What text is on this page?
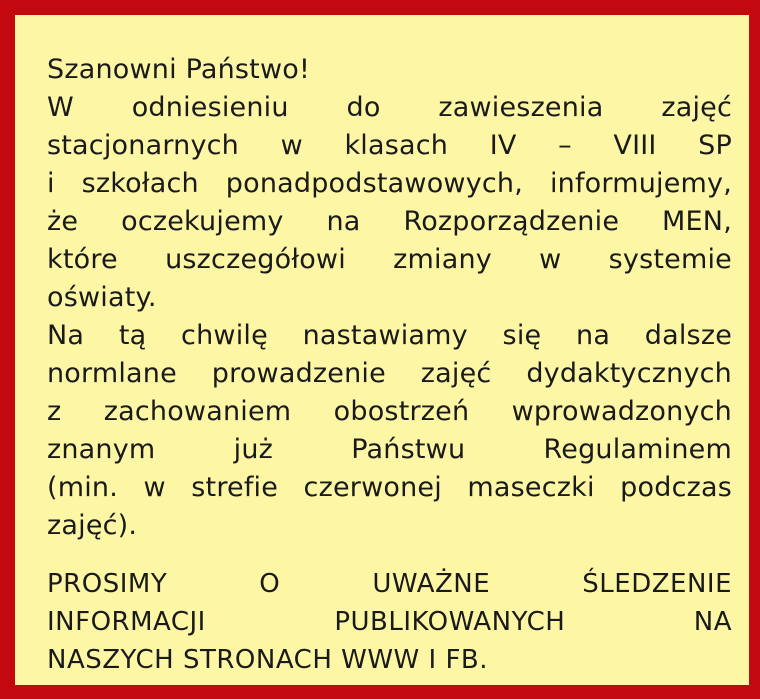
Szanowni Państwo!
W odniesieniu do zawieszenia zajęć
stacjonarnych w klasach IV – VIII SP
i szkołach ponadpodstawowych, informujemy,
że oczekujemy na Rozporządzenie MEN,
które uszczegółowi zmiany w systemie
oświaty.
Na tą chwilę nastawiamy się na dalsze
normlane prowadzenie zajęć dydaktycznych
z zachowaniem obostrzeń wprowadzonych
znanym już Państwu Regulaminem
(min. w strefie czerwonej maseczki podczas
zajęć).
PROSIMY O UWAŻNE ŚLEDZENIE
INFORMACJI PUBLIKOWANYCH NA
NASZYCH STRONACH WWW I FB.
